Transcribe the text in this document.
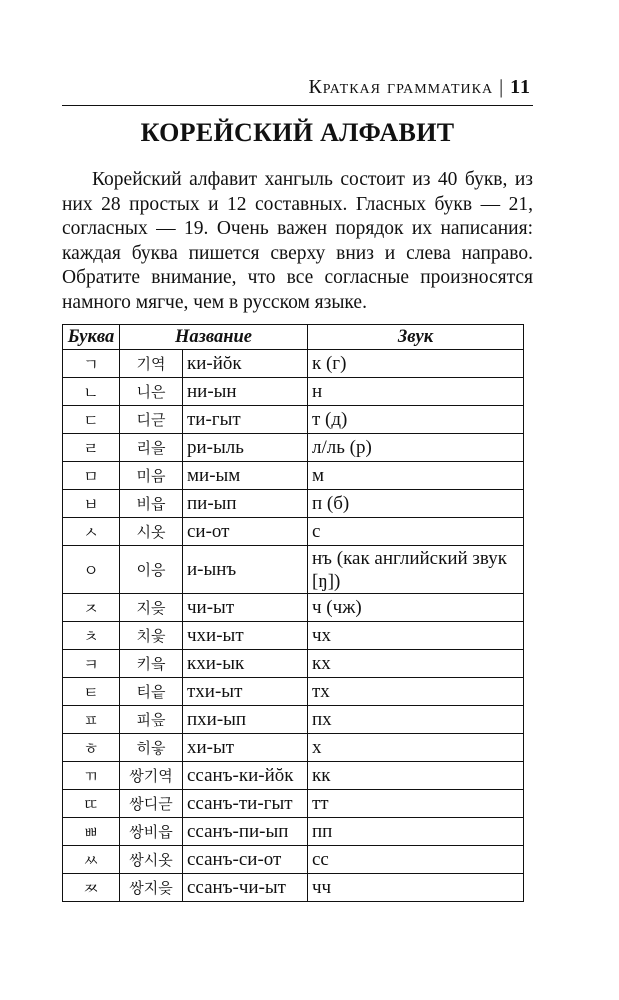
Краткая грамматика | 11
КОРЕЙСКИЙ АЛФАВИТ

Корейский алфавит хангыль состоит из 40 букв, из них 28 простых и 12 составных. Гласных букв — 21, согласных — 19. Очень важен порядок их написания: каждая буква пишется сверху вниз и слева направо. Обратите внимание, что все согласные произносятся намного мягче, чем в русском языке.

Буква	Название		Звук
ㄱ	기역	ки-йŏк	к (г)
ㄴ	니은	ни-ын	н
ㄷ	디귿	ти-гыт	т (д)
ㄹ	리을	ри-ыль	л/ль (р)
ㅁ	미음	ми-ым	м
ㅂ	비읍	пи-ып	п (б)
ㅅ	시옷	си-от	с
ㅇ	이응	и-ынъ	нъ (как английский звук [ŋ])
ㅈ	지읒	чи-ыт	ч (чж)
ㅊ	치읓	чхи-ыт	чх
ㅋ	키읔	кхи-ык	кх
ㅌ	티읕	тхи-ыт	тх
ㅍ	피읖	пхи-ып	пх
ㅎ	히읗	хи-ыт	х
ㄲ	쌍기역	ссанъ-ки-йŏк	кк
ㄸ	쌍디귿	ссанъ-ти-гыт	тт
ㅃ	쌍비읍	ссанъ-пи-ып	пп
ㅆ	쌍시옷	ссанъ-си-от	сс
ㅉ	쌍지읒	ссанъ-чи-ыт	чч
